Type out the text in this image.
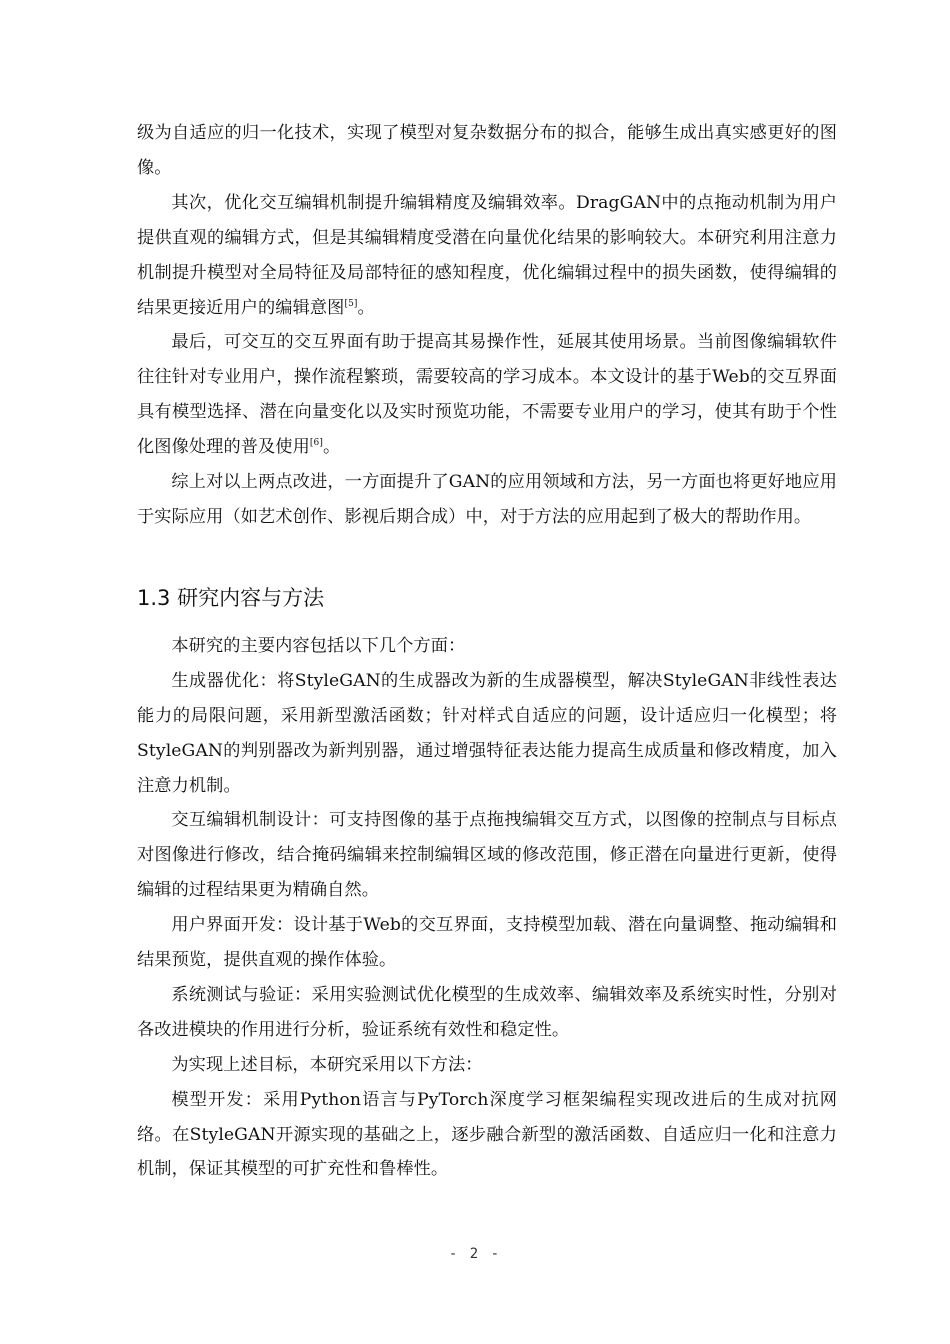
级为自适应的归一化技术，实现了模型对复杂数据分布的拟合，能够生成出真实感更好的图像。

其次，优化交互编辑机制提升编辑精度及编辑效率。DragGAN中的点拖动机制为用户提供直观的编辑方式，但是其编辑精度受潜在向量优化结果的影响较大。本研究利用注意力机制提升模型对全局特征及局部特征的感知程度，优化编辑过程中的损失函数，使得编辑的结果更接近用户的编辑意图[5]。

最后，可交互的交互界面有助于提高其易操作性，延展其使用场景。当前图像编辑软件往往针对专业用户，操作流程繁琐，需要较高的学习成本。本文设计的基于Web的交互界面具有模型选择、潜在向量变化以及实时预览功能，不需要专业用户的学习，使其有助于个性化图像处理的普及使用[6]。

综上对以上两点改进，一方面提升了GAN的应用领域和方法，另一方面也将更好地应用于实际应用（如艺术创作、影视后期合成）中，对于方法的应用起到了极大的帮助作用。

1.3 研究内容与方法

本研究的主要内容包括以下几个方面：

生成器优化：将StyleGAN的生成器改为新的生成器模型，解决StyleGAN非线性表达能力的局限问题，采用新型激活函数；针对样式自适应的问题，设计适应归一化模型；将StyleGAN的判别器改为新判别器，通过增强特征表达能力提高生成质量和修改精度，加入注意力机制。

交互编辑机制设计：可支持图像的基于点拖拽编辑交互方式，以图像的控制点与目标点对图像进行修改，结合掩码编辑来控制编辑区域的修改范围，修正潜在向量进行更新，使得编辑的过程结果更为精确自然。

用户界面开发：设计基于Web的交互界面，支持模型加载、潜在向量调整、拖动编辑和结果预览，提供直观的操作体验。

系统测试与验证：采用实验测试优化模型的生成效率、编辑效率及系统实时性，分别对各改进模块的作用进行分析，验证系统有效性和稳定性。

为实现上述目标，本研究采用以下方法：

模型开发：采用Python语言与PyTorch深度学习框架编程实现改进后的生成对抗网络。在StyleGAN开源实现的基础之上，逐步融合新型的激活函数、自适应归一化和注意力机制，保证其模型的可扩充性和鲁棒性。

- 2 -
